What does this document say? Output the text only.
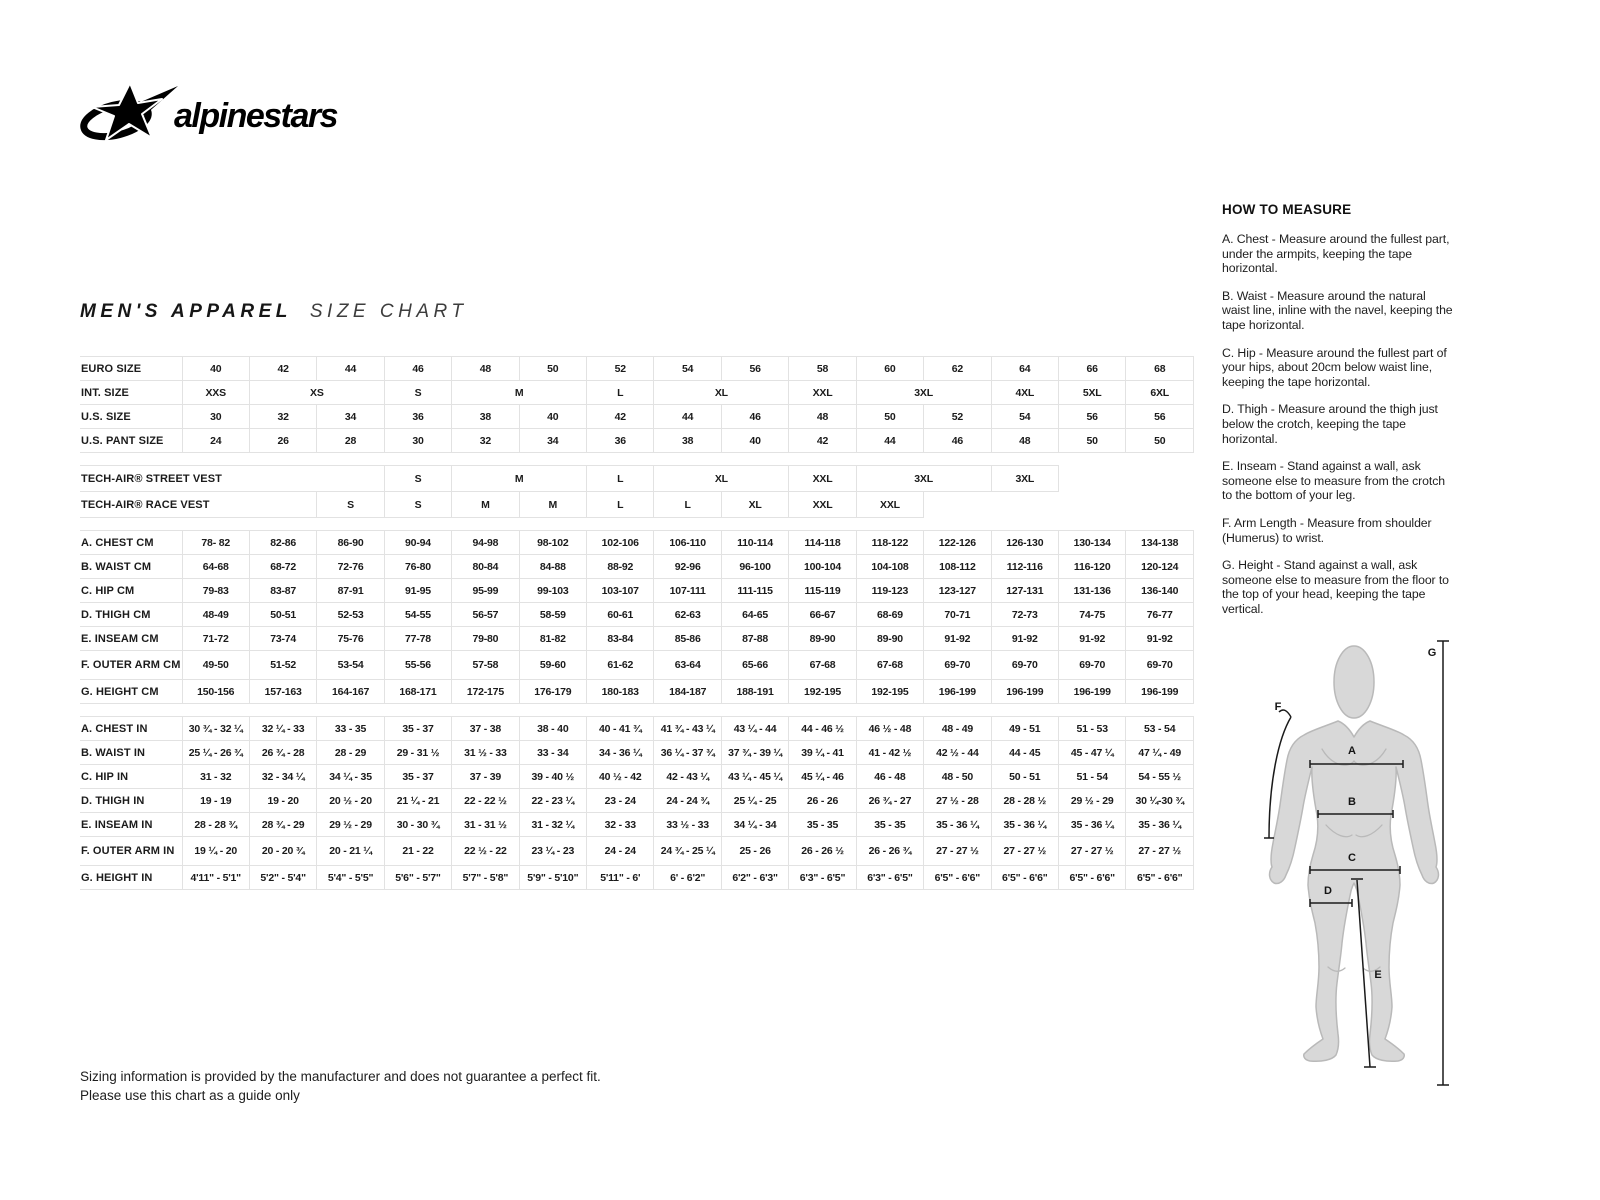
alpinestars
MEN'S APPAREL SIZE CHART
EURO SIZE	40	42	44	46	48	50	52	54	56	58	60	62	64	66	68
INT. SIZE	XXS	XS		S	M		L	XL		XXL	3XL		4XL	5XL	6XL
U.S. SIZE	30	32	34	36	38	40	42	44	46	48	50	52	54	56	56
U.S. PANT SIZE	24	26	28	30	32	34	36	38	40	42	44	46	48	50	50

TECH-AIR® STREET VEST				S	M		L	XL		XXL	3XL		3XL		
TECH-AIR® RACE VEST			S	S	M	M	L	L	XL	XXL	XXL				

A. CHEST CM	78- 82	82-86	86-90	90-94	94-98	98-102	102-106	106-110	110-114	114-118	118-122	122-126	126-130	130-134	134-138
B. WAIST CM	64-68	68-72	72-76	76-80	80-84	84-88	88-92	92-96	96-100	100-104	104-108	108-112	112-116	116-120	120-124
C. HIP CM	79-83	83-87	87-91	91-95	95-99	99-103	103-107	107-111	111-115	115-119	119-123	123-127	127-131	131-136	136-140
D. THIGH CM	48-49	50-51	52-53	54-55	56-57	58-59	60-61	62-63	64-65	66-67	68-69	70-71	72-73	74-75	76-77
E. INSEAM CM	71-72	73-74	75-76	77-78	79-80	81-82	83-84	85-86	87-88	89-90	89-90	91-92	91-92	91-92	91-92
F. OUTER ARM CM	49-50	51-52	53-54	55-56	57-58	59-60	61-62	63-64	65-66	67-68	67-68	69-70	69-70	69-70	69-70
G. HEIGHT CM	150-156	157-163	164-167	168-171	172-175	176-179	180-183	184-187	188-191	192-195	192-195	196-199	196-199	196-199	196-199

A. CHEST IN	30 ¾ - 32 ¼	32 ¼ - 33	33 - 35	35 - 37	37 - 38	38 - 40	40 - 41 ¾	41 ¾ - 43 ¼	43 ¼ - 44	44 - 46 ½	46 ½ - 48	48 - 49	49 - 51	51 - 53	53 - 54
B. WAIST IN	25 ¼ - 26 ¾	26 ¾ - 28	28 - 29	29 - 31 ½	31 ½ - 33	33 - 34	34 - 36 ¼	36 ¼ - 37 ¾	37 ¾ - 39 ¼	39 ¼ - 41	41 - 42 ½	42 ½ - 44	44 - 45	45 - 47 ¼	47 ¼ - 49
C. HIP IN	31 - 32	32 - 34 ¼	34 ¼ - 35	35 - 37	37 - 39	39 - 40 ½	40 ½ - 42	42 - 43 ¼	43 ¼ - 45 ¼	45 ¼ - 46	46 - 48	48 - 50	50 - 51	51 - 54	54 - 55 ½
D. THIGH IN	19 - 19	19 - 20	20 ½ - 20	21 ¼ - 21	22 - 22 ½	22 - 23 ¼	23 - 24	24 - 24 ¾	25 ¼ - 25	26 - 26	26 ¾ - 27	27 ½ - 28	28 - 28 ½	29 ½ - 29	30 ¼-30 ¾
E. INSEAM IN	28 - 28 ¾	28 ¾ - 29	29 ½ - 29	30 - 30 ¾	31 - 31 ½	31 - 32 ¼	32 - 33	33 ½ - 33	34 ¼ - 34	35 - 35	35 - 35	35 - 36 ¼	35 - 36 ¼	35 - 36 ¼	35 - 36 ¼
F. OUTER ARM IN	19 ¼ - 20	20 - 20 ¾	20 - 21 ¼	21 - 22	22 ½ - 22	23 ¼ - 23	24 - 24	24 ¾ - 25 ¼	25 - 26	26 - 26 ½	26 - 26 ¾	27 - 27 ½	27 - 27 ½	27 - 27 ½	27 - 27 ½
G. HEIGHT IN	4'11" - 5'1"	5'2" - 5'4"	5'4" - 5'5"	5'6" - 5'7"	5'7" - 5'8"	5'9" - 5'10"	5'11" - 6'	6' - 6'2"	6'2" - 6'3"	6'3" - 6'5"	6'3" - 6'5"	6'5" - 6'6"	6'5" - 6'6"	6'5" - 6'6"	6'5" - 6'6"
HOW TO MEASURE

A. Chest - Measure around the fullest part, under the armpits, keeping the tape horizontal.

B. Waist - Measure around the natural waist line, inline with the navel, keeping the tape horizontal.

C. Hip - Measure around the fullest part of your hips, about 20cm below waist line, keeping the tape horizontal.

D. Thigh - Measure around the thigh just below the crotch, keeping the tape horizontal.

E. Inseam - Stand against a wall, ask someone else to measure from the crotch to the bottom of your leg.

F. Arm Length - Measure from shoulder (Humerus) to wrist.

G. Height - Stand against a wall, ask someone else to measure from the floor to the top of your head, keeping the tape vertical.

A
B
C
D
E
F
G
Sizing information is provided by the manufacturer and does not guarantee a perfect fit.
Please use this chart as a guide only
